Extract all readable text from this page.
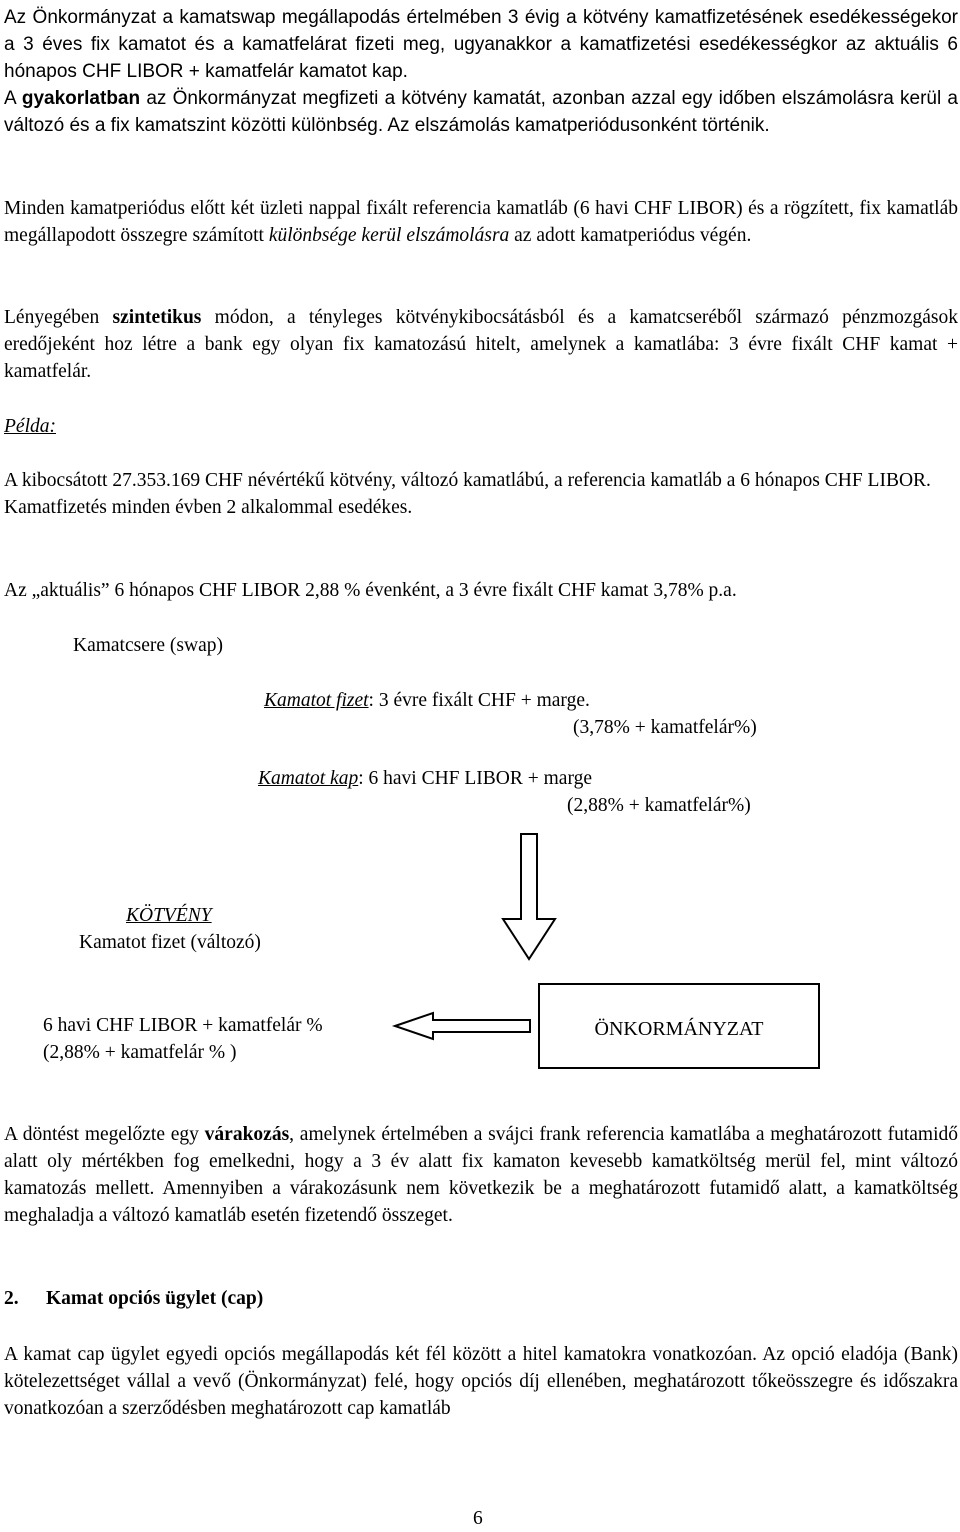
Az Önkormányzat a kamatswap megállapodás értelmében 3 évig a kötvény kamatfizetésének esedékességekor a 3 éves fix kamatot és a kamatfelárat fizeti meg, ugyanakkor a kamatfizetési esedékességkor az aktuális 6 hónapos CHF LIBOR + kamatfelár kamatot kap.
A gyakorlatban az Önkormányzat megfizeti a kötvény kamatát, azonban azzal egy időben elszámolásra kerül a változó és a fix kamatszint közötti különbség. Az elszámolás kamatperiódusonként történik.

Minden kamatperiódus előtt két üzleti nappal fixált referencia kamatláb (6 havi CHF LIBOR) és a rögzített, fix kamatláb megállapodott összegre számított különbsége kerül elszámolásra az adott kamatperiódus végén.

Lényegében szintetikus módon, a tényleges kötvénykibocsátásból és a kamatcseréből származó pénzmozgások eredőjeként hoz létre a bank egy olyan fix kamatozású hitelt, amelynek a kamatlába: 3 évre fixált CHF kamat + kamatfelár.

Példa:

A kibocsátott 27.353.169 CHF névértékű kötvény, változó kamatlábú, a referencia kamatláb a 6 hónapos CHF LIBOR.
Kamatfizetés minden évben 2 alkalommal esedékes.

Az „aktuális” 6 hónapos CHF LIBOR 2,88 % évenként, a 3 évre fixált CHF kamat 3,78% p.a.

Kamatcsere (swap)

Kamatot fizet: 3 évre fixált CHF + marge.

(3,78% + kamatfelár%)

Kamatot kap: 6 havi CHF LIBOR + marge

(2,88% + kamatfelár%)

KÖTVÉNY

Kamatot fizet (változó)

6 havi CHF LIBOR + kamatfelár %

(2,88% + kamatfelár % )

ÖNKORMÁNYZAT

A döntést megelőzte egy várakozás, amelynek értelmében a svájci frank referencia kamatlába a meghatározott futamidő alatt oly mértékben fog emelkedni, hogy a 3 év alatt fix kamaton kevesebb kamatköltség merül fel, mint változó kamatozás mellett. Amennyiben a várakozásunk nem következik be a meghatározott futamidő alatt, a kamatköltség meghaladja a változó kamatláb esetén fizetendő összeget.

2. Kamat opciós ügylet (cap)

A kamat cap ügylet egyedi opciós megállapodás két fél között a hitel kamatokra vonatkozóan. Az opció eladója (Bank) kötelezettséget vállal a vevő (Önkormányzat) felé, hogy opciós díj ellenében, meghatározott tőkeösszegre és időszakra vonatkozóan a szerződésben meghatározott cap kamatláb

6
